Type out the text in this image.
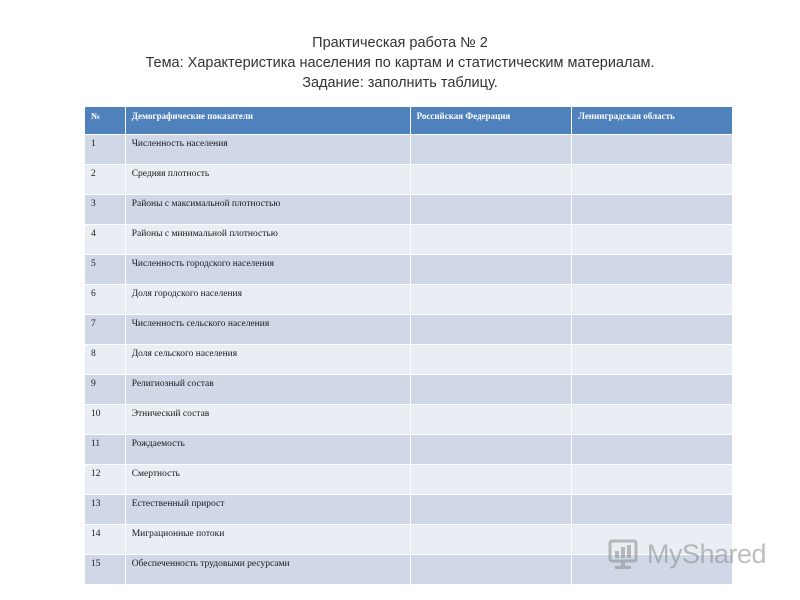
Практическая работа № 2
Тема: Характеристика населения по картам и статистическим материалам.
Задание: заполнить таблицу.
№	Демографические показатели	Российская Федерация	Ленинградская область
1	Численность населения		
2	Средняя плотность		
3	Районы с максимальной плотностью		
4	Районы с минимальной плотностью		
5	Численность городского населения		
6	Доля городского населения		
7	Численность сельского населения		
8	Доля сельского населения		
9	Религиозный состав		
10	Этнический состав		
11	Рождаемость		
12	Смертность		
13	Естественный прирост		
14	Миграционные потоки		
15	Обеспеченность трудовыми ресурсами			MyShared
